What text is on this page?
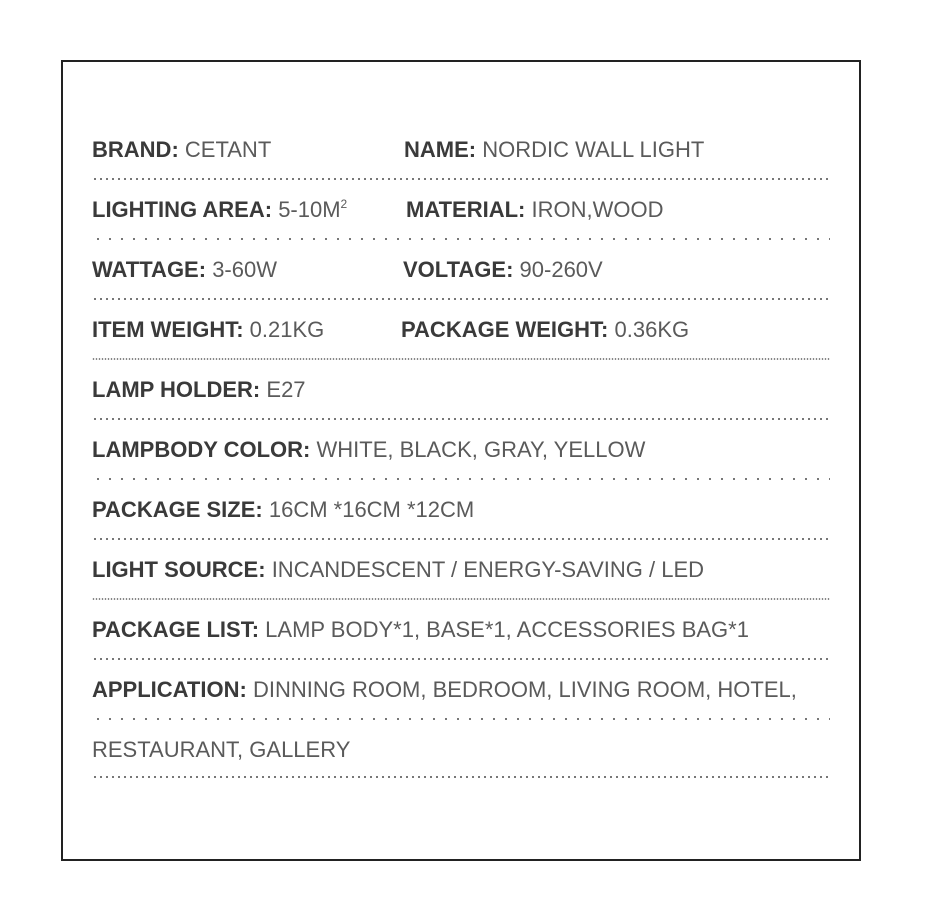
BRAND: CETANT	NAME: NORDIC WALL LIGHT
LIGHTING AREA: $5-10M^2$	MATERIAL: IRON,WOOD
WATTAGE: 3-60W	VOLTAGE: 90-260V
ITEM WEIGHT: 0.21KG	PACKAGE WEIGHT: 0.36KG
LAMP HOLDER: E27
LAMPBODY COLOR: WHITE, BLACK, GRAY, YELLOW
PACKAGE SIZE: 16CM *16CM *12CM
LIGHT SOURCE: INCANDESCENT / ENERGY-SAVING / LED
PACKAGE LIST: LAMP BODY*1, BASE*1, ACCESSORIES BAG*1
APPLICATION: DINNING ROOM, BEDROOM, LIVING ROOM, HOTEL,
RESTAURANT, GALLERY
